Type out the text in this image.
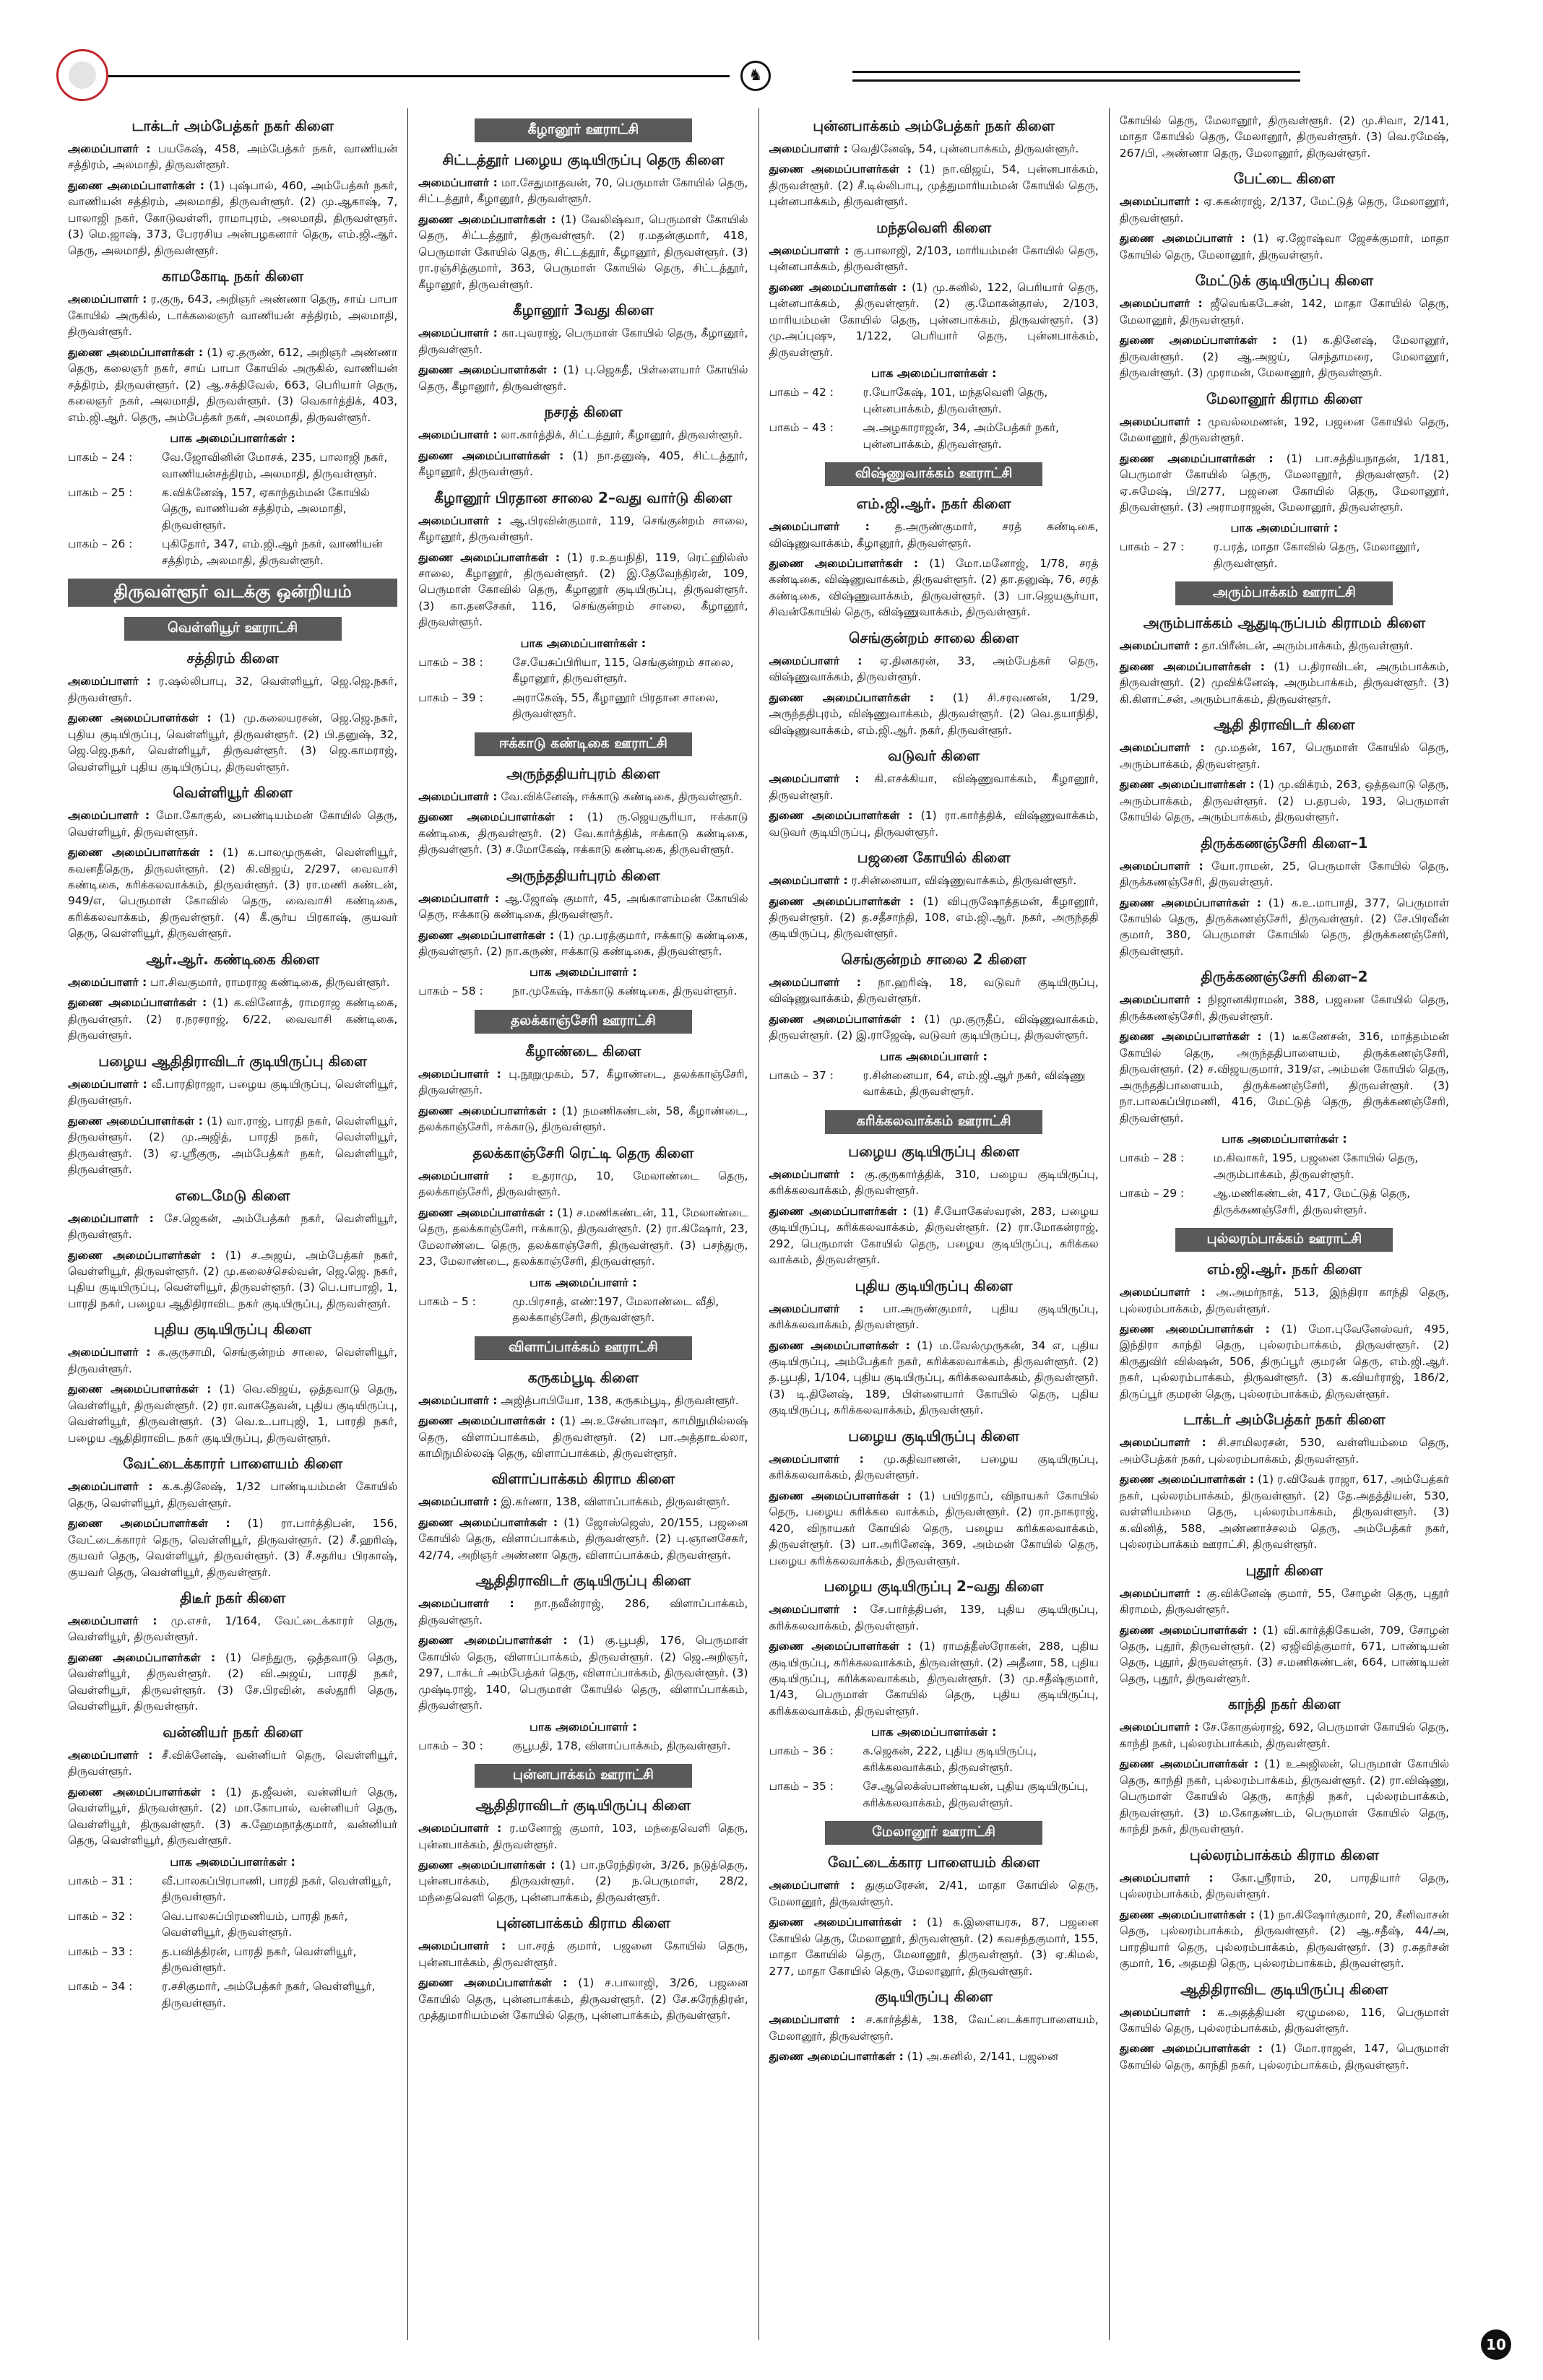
♞
டாக்டர் அம்பேத்கர் நகர் கிளை
அமைப்பாளர் : பயகேஷ், 458, அம்பேத்கர் நகர், வாணியன் சத்திரம், அலமாதி, திருவள்ளூர்.
துணை அமைப்பாளர்கள் : (1) புஷ்பால், 460, அம்பேத்கர் நகர், வாணியன் சத்திரம், அலமாதி, திருவள்ளூர். (2) மு.ஆகாஷ், 7, பாலாஜி நகர், கோடுவள்ளி, ராமாபுரம், அலமாதி, திருவள்ளூர். (3) மெ.ஜாஷ், 373, பேரரசிய அன்பழகனார் தெரு, எம்.ஜி.ஆர். தெரு, அலமாதி, திருவள்ளூர்.
காமகோடி நகர் கிளை
அமைப்பாளர் : ர.குரு, 643, அறிஞர் அண்ணா தெரு, சாய் பாபா கோயில் அருகில், டாக்கலைஞர் வாணியன் சத்திரம், அலமாதி, திருவள்ளூர்.
துணை அமைப்பாளர்கள் : (1) ஏ.தருண், 612, அறிஞர் அண்ணா தெரு, கலைஞர் நகர், சாய் பாபா கோயில் அருகில், வாணியன் சத்திரம், திருவள்ளூர். (2) ஆ.சக்திவேல், 663, பெரியார் தெரு, கலைஞர் நகர், அலமாதி, திருவள்ளூர். (3) வெகார்த்திக், 403, எம்.ஜி.ஆர். தெரு, அம்பேத்கர் நகர், அலமாதி, திருவள்ளூர்.
பாக அமைப்பாளர்கள் :
பாகம் – 24 :	வே.ஜோவினின் மோசக், 235, பாலாஜி நகர், வாணியன்சத்திரம், அலமாதி, திருவள்ளூர்.
பாகம் – 25 :	க.விக்னேஷ், 157, ஏகாந்தம்மன் கோயில் தெரு, வாணியன் சத்திரம், அலமாதி, திருவள்ளூர்.
பாகம் – 26 :	புகிதோர், 347, எம்.ஜி.ஆர் நகர், வாணியன் சத்திரம், அலமாதி, திருவள்ளூர்.
திருவள்ளூர் வடக்கு ஒன்றியம்
வெள்ளியூர் ஊராட்சி
சத்திரம் கிளை
அமைப்பாளர் : ர.ஷல்லிபாபு, 32, வெள்ளியூர், ஜெ.ஜெ.நகர், திருவள்ளூர்.
துணை அமைப்பாளர்கள் : (1) மு.கலையரசன், ஜெ.ஜெ.நகர், புதிய குடியிருப்பு, வெள்ளியூர், திருவள்ளூர். (2) பி.தனுஷ், 32, ஜெ.ஜெ.நகர், வெள்ளியூர், திருவள்ளூர். (3) ஜெ.காமராஜ், வெள்ளியூர் புதிய குடியிருப்பு, திருவள்ளூர்.
வெள்ளியூர் கிளை
அமைப்பாளர் : மோ.கோகுல், பைண்டியம்மன் கோயில் தெரு, வெள்ளியூர், திருவள்ளூர்.
துணை அமைப்பாளர்கள் : (1) க.பாலமுருகன், வெள்ளியூர், கவனதீதெரு, திருவள்ளூர். (2) கி.விஜய், 2/297, வைவாசி கண்டிகை, கரிக்கலவாக்கம், திருவள்ளூர். (3) ரா.மணி கண்டன், 949/எ, பெருமாள் கோவில் தெரு, வைவாசி கண்டிகை, கரிக்கலவாக்கம், திருவள்ளூர். (4) கீ.சூர்ய பிரகாஷ், குயவர் தெரு, வெள்ளியூர், திருவள்ளூர்.
ஆர்.ஆர். கண்டிகை கிளை
அமைப்பாளர் : பா.சிவகுமார், ராமராஜ கண்டிகை, திருவள்ளூர்.
துணை அமைப்பாளர்கள் : (1) க.வினோத், ராமராஜ கண்டிகை, திருவள்ளூர். (2) ர.நரசராஜ், 6/22, வைவாசி கண்டிகை, திருவள்ளூர்.
பழைய ஆதிதிராவிடர் குடியிருப்பு கிளை
அமைப்பாளர் : வீ.பாரதிராஜா, பழைய குடியிருப்பு, வெள்ளியூர், திருவள்ளூர்.
துணை அமைப்பாளர்கள் : (1) வா.ராஜ், பாரதி நகர், வெள்ளியூர், திருவள்ளூர். (2) மு.அஜித், பாரதி நகர், வெள்ளியூர், திருவள்ளூர். (3) ஏ.ஸ்ரீகுரு, அம்பேத்கர் நகர், வெள்ளியூர், திருவள்ளூர்.
எடைமேடு கிளை
அமைப்பாளர் : சே.ஜெகன், அம்பேத்கர் நகர், வெள்ளியூர், திருவள்ளூர்.
துணை அமைப்பாளர்கள் : (1) ச.அஜய், அம்பேத்கர் நகர், வெள்ளியூர், திருவள்ளூர். (2) மு.கலைச்செல்வன், ஜெ.ஜெ. நகர், புதிய குடியிருப்பு, வெள்ளியூர், திருவள்ளூர். (3) பெ.பாபாஜி, 1, பாரதி நகர், பழைய ஆதிதிராவிட நகர் குடியிருப்பு, திருவள்ளூர்.
புதிய குடியிருப்பு கிளை
அமைப்பாளர் : க.குருசாமி, செங்குன்றம் சாலை, வெள்ளியூர், திருவள்ளூர்.
துணை அமைப்பாளர்கள் : (1) வெ.விஜய், ஒத்தவாடு தெரு, வெள்ளியூர், திருவள்ளூர். (2) ரா.வாசுதேவன், புதிய குடியிருப்பு, வெள்ளியூர், திருவள்ளூர். (3) வெ.உ.பாபுஜி, 1, பாரதி நகர், பழைய ஆதிதிராவிட நகர் குடியிருப்பு, திருவள்ளூர்.
வேட்டைக்காரர் பாளையம் கிளை
அமைப்பாளர் : க.க.திலேஷ், 1/32 பாண்டியம்மன் கோயில் தெரு, வெள்ளியூர், திருவள்ளூர்.
துணை அமைப்பாளர்கள் : (1) ரா.பார்த்திபன், 156, வேட்டைக்காரர் தெரு, வெள்ளியூர், திருவள்ளூர். (2) சீ.ஹரிஷ், குயவர் தெரு, வெள்ளியூர், திருவள்ளூர். (3) சீ.சதரிய பிரகாஷ், குயவர் தெரு, வெள்ளியூர், திருவள்ளூர்.
திடீர் நகர் கிளை
அமைப்பாளர் : மு.எசர், 1/164, வேட்டைக்காரர் தெரு, வெள்ளியூர், திருவள்ளூர்.
துணை அமைப்பாளர்கள் : (1) செந்துரு, ஒத்தவாடு தெரு, வெள்ளியூர், திருவள்ளூர். (2) வி.அஜய், பாரதி நகர், வெள்ளியூர், திருவள்ளூர். (3) சே.பிரவின், கஸ்தூரி தெரு, வெள்ளியூர், திருவள்ளூர்.
வன்னியர் நகர் கிளை
அமைப்பாளர் : சீ.விக்னேஷ், வன்னியர் தெரு, வெள்ளியூர், திருவள்ளூர்.
துணை அமைப்பாளர்கள் : (1) த.ஜீவன், வன்னியர் தெரு, வெள்ளியூர், திருவள்ளூர். (2) மா.கோபால், வன்னியர் தெரு, வெள்ளியூர், திருவள்ளூர். (3) சு.ஹேமநாத்குமார், வன்னியர் தெரு, வெள்ளியூர், திருவள்ளூர்.
பாக அமைப்பாளர்கள் :
பாகம் – 31 :	வீ.பாலகப்பிரபாணி, பாரதி நகர், வெள்ளியூர், திருவள்ளூர்.
பாகம் – 32 :	வெ.பாலசுப்பிரமணியம், பாரதி நகர், வெள்ளியூர், திருவள்ளூர்.
பாகம் – 33 :	த.பவித்திரன், பாரதி நகர், வெள்ளியூர், திருவள்ளூர்.
பாகம் – 34 :	ர.சசிகுமார், அம்பேத்கர் நகர், வெள்ளியூர், திருவள்ளூர்.
கீழானூர் ஊராட்சி
சிட்டத்தூர் பழைய குடியிருப்பு தெரு கிளை
அமைப்பாளர் : மா.சேதுமாதவன், 70, பெருமாள் கோயில் தெரு, சிட்டத்தூர், கீழானூர், திருவள்ளூர்.
துணை அமைப்பாளர்கள் : (1) வேலிஷ்வா, பெருமாள் கோயில் தெரு, சிட்டத்தூர், திருவள்ளூர். (2) ர.மதன்குமார், 418, பெருமாள் கோயில் தெரு, சிட்டத்தூர், கீழானூர், திருவள்ளூர். (3) ரா.ரஞ்சித்குமார், 363, பெருமாள் கோயில் தெரு, சிட்டத்தூர், கீழானூர், திருவள்ளூர்.
கீழானூர் 3வது கிளை
அமைப்பாளர் : கா.புவராஜ், பெருமாள் கோயில் தெரு, கீழானூர், திருவள்ளூர்.
துணை அமைப்பாளர்கள் : (1) பு.ஜெகதீ, பிள்ளையார் கோயில் தெரு, கீழானூர், திருவள்ளூர்.
நசரத் கிளை
அமைப்பாளர் : லா.கார்த்திக், சிட்டத்தூர், கீழானூர், திருவள்ளூர்.
துணை அமைப்பாளர்கள் : (1) நா.தனுஷ், 405, சிட்டத்தூர், கீழானூர், திருவள்ளூர்.
கீழானூர் பிரதான சாலை 2–வது வார்டு கிளை
அமைப்பாளர் : ஆ.பிரவின்குமார், 119, செங்குன்றம் சாலை, கீழானூர், திருவள்ளூர்.
துணை அமைப்பாளர்கள் : (1) ர.உதயநிதி, 119, ரெட்ஹில்ஸ் சாலை, கீழானூர், திருவள்ளூர். (2) இ.தேவேந்திரன், 109, பெருமாள் கோவில் தெரு, கீழானூர் குடியிருப்பு, திருவள்ளூர். (3) கா.தனசேகர், 116, செங்குன்றம் சாலை, கீழானூர், திருவள்ளூர்.
பாக அமைப்பாளர்கள் :
பாகம் – 38 :	சே.யேசுப்பிரியா, 115, செங்குன்றம் சாலை, கீழானூர், திருவள்ளூர்.
பாகம் – 39 :	அராகேஷ், 55, கீழானூர் பிரதான சாலை, திருவள்ளூர்.
ஈக்காடு கண்டிகை ஊராட்சி
அருந்ததியர்புரம் கிளை
அமைப்பாளர் : வே.விக்னேஷ், ஈக்காடு கண்டிகை, திருவள்ளூர்.
துணை அமைப்பாளர்கள் : (1) ரு.ஜெயசூரியா, ஈக்காடு கண்டிகை, திருவள்ளூர். (2) வே.கார்த்திக், ஈக்காடு கண்டிகை, திருவள்ளூர். (3) ச.மோகேஷ், ஈக்காடு கண்டிகை, திருவள்ளூர்.
அருந்ததியர்புரம் கிளை
அமைப்பாளர் : ஆ.ஜோஷ் குமார், 45, அங்காளம்மன் கோயில் தெரு, ஈக்காடு கண்டிகை, திருவள்ளூர்.
துணை அமைப்பாளர்கள் : (1) மு.பரத்குமார், ஈக்காடு கண்டிகை, திருவள்ளூர். (2) நா.கருண், ஈக்காடு கண்டிகை, திருவள்ளூர்.
பாக அமைப்பாளர் :
பாகம் – 58 :	நா.முகேஷ், ஈக்காடு கண்டிகை, திருவள்ளூர்.
தலக்காஞ்சேரி ஊராட்சி
கீழாண்டை கிளை
அமைப்பாளர் : பு.நூறுமுகம், 57, கீழாண்டை, தலக்காஞ்சேரி, திருவள்ளூர்.
துணை அமைப்பாளர்கள் : (1) நமணிகண்டன், 58, கீழாண்டை, தலக்காஞ்சேரி, ஈக்காடு, திருவள்ளூர்.
தலக்காஞ்சேரி ரெட்டி தெரு கிளை
அமைப்பாளர் : உதராமு, 10, மேலாண்டை தெரு, தலக்காஞ்சேரி, திருவள்ளூர்.
துணை அமைப்பாளர்கள் : (1) ச.மணிகண்டன், 11, மேலாண்டை தெரு, தலக்காஞ்சேரி, ஈக்காடு, திருவள்ளூர். (2) ரா.கிஷோர், 23, மேலாண்டை தெரு, தலக்காஞ்சேரி, திருவள்ளூர். (3) பசந்துரு, 23, மேலாண்டை, தலக்காஞ்சேரி, திருவள்ளூர்.
பாக அமைப்பாளர் :
பாகம் – 5 :	மு.பிரசாத், எண்:197, மேலாண்டை வீதி, தலக்காஞ்சேரி, திருவள்ளூர்.
விளாப்பாக்கம் ஊராட்சி
கருகம்பூடி கிளை
அமைப்பாளர் : அஜித்பாபியோ, 138, கருகம்பூடி, திருவள்ளூர்.
துணை அமைப்பாளர்கள் : (1) அ.உசேன்பாஷா, காமிநுமில்லஷ் தெரு, விளாப்பாக்கம், திருவள்ளூர். (2) பா.அத்தாஉல்லா, காமிநுமில்லஷ் தெரு, விளாப்பாக்கம், திருவள்ளூர்.
விளாப்பாக்கம் கிராம கிளை
அமைப்பாளர் : இ.கர்ணா, 138, விளாப்பாக்கம், திருவள்ளூர்.
துணை அமைப்பாளர்கள் : (1) ஜோஸ்ஜெஸ், 20/155, பஜனை கோயில் தெரு, விளாப்பாக்கம், திருவள்ளூர். (2) பு.ஞானசேகர், 42/74, அறிஞர் அண்ணா தெரு, விளாப்பாக்கம், திருவள்ளூர்.
ஆதிதிராவிடர் குடியிருப்பு கிளை
அமைப்பாளர் : நா.நவீன்ராஜ், 286, விளாப்பாக்கம், திருவள்ளூர்.
துணை அமைப்பாளர்கள் : (1) கு.பூபதி, 176, பெருமாள் கோயில் தெரு, விளாப்பாக்கம், திருவள்ளூர். (2) ஜெ.அறிஞர், 297, டாக்டர் அம்பேத்கர் தெரு, விளாப்பாக்கம், திருவள்ளூர். (3) முஷ்டிராஜ், 140, பெருமாள் கோயில் தெரு, விளாப்பாக்கம், திருவள்ளூர்.
பாக அமைப்பாளர் :
பாகம் – 30 :	குபூபதி, 178, விளாப்பாக்கம், திருவள்ளூர்.
புன்னபாக்கம் ஊராட்சி
ஆதிதிராவிடர் குடியிருப்பு கிளை
அமைப்பாளர் : ர.மனோஜ் குமார், 103, மந்தைவெளி தெரு, புன்னபாக்கம், திருவள்ளூர்.
துணை அமைப்பாளர்கள் : (1) பா.நரேந்திரன், 3/26, நடுத்தெரு, புன்னபாக்கம், திருவள்ளூர். (2) ந.பெருமாள், 28/2, மந்தைவெளி தெரு, புன்னபாக்கம், திருவள்ளூர்.
புன்னபாக்கம் கிராம கிளை
அமைப்பாளர் : பா.சரத் குமார், பஜனை கோயில் தெரு, புன்னபாக்கம், திருவள்ளூர்.
துணை அமைப்பாளர்கள் : (1) ச.பாலாஜி, 3/26, பஜனை கோயில் தெரு, புன்னபாக்கம், திருவள்ளூர். (2) சே.சுரேந்திரன், முத்துமாரியம்மன் கோயில் தெரு, புன்னபாக்கம், திருவள்ளூர்.
புன்னபாக்கம் அம்பேத்கர் நகர் கிளை
அமைப்பாளர் : வெதினேஷ், 54, புன்னபாக்கம், திருவள்ளூர்.
துணை அமைப்பாளர்கள் : (1) நா.விஜய், 54, புன்னபாக்கம், திருவள்ளூர். (2) சீ.டில்லிபாபு, முத்துமாரியம்மன் கோயில் தெரு, புன்னபாக்கம், திருவள்ளூர்.
மந்தவெளி கிளை
அமைப்பாளர் : கு.பாலாஜி, 2/103, மாரியம்மன் கோயில் தெரு, புன்னபாக்கம், திருவள்ளூர்.
துணை அமைப்பாளர்கள் : (1) மு.சுனில், 122, பெரியார் தெரு, புன்னபாக்கம், திருவள்ளூர். (2) கு.மோகன்தாஸ், 2/103, மாரியம்மன் கோயில் தெரு, புன்னபாக்கம், திருவள்ளூர். (3) மு.அப்புஷு, 1/122, பெரியார் தெரு, புன்னபாக்கம், திருவள்ளூர்.
பாக அமைப்பாளர்கள் :
பாகம் – 42 :	ர.யோகேஷ், 101, மந்தவெளி தெரு, புன்னபாக்கம், திருவள்ளூர்.
பாகம் – 43 :	அ.அழகாராஜன், 34, அம்பேத்கர் நகர், புன்னபாக்கம், திருவள்ளூர்.
விஷ்ணுவாக்கம் ஊராட்சி
எம்.ஜி.ஆர். நகர் கிளை
அமைப்பாளர் : த.அருண்குமார், சரத் கண்டிகை, விஷ்ணுவாக்கம், கீழானூர், திருவள்ளூர்.
துணை அமைப்பாளர்கள் : (1) மோ.மனோஜ், 1/78, சரத் கண்டிகை, விஷ்ணுவாக்கம், திருவள்ளூர். (2) தா.தனுஷ், 76, சரத் கண்டிகை, விஷ்ணுவாக்கம், திருவள்ளூர். (3) பா.ஜெயசூர்யா, சிவன்கோயில் தெரு, விஷ்ணுவாக்கம், திருவள்ளூர்.
செங்குன்றம் சாலை கிளை
அமைப்பாளர் : ஏ.தினகரன், 33, அம்பேத்கர் தெரு, விஷ்ணுவாக்கம், திருவள்ளூர்.
துணை அமைப்பாளர்கள் : (1) சி.சரவணன், 1/29, அருந்ததிபுரம், விஷ்ணுவாக்கம், திருவள்ளூர். (2) வெ.தயாநிதி, விஷ்ணுவாக்கம், எம்.ஜி.ஆர். நகர், திருவள்ளூர்.
வடுவர் கிளை
அமைப்பாளர் : கி.எசக்கியா, விஷ்ணுவாக்கம், கீழானூர், திருவள்ளூர்.
துணை அமைப்பாளர்கள் : (1) ரா.கார்த்திக், விஷ்ணுவாக்கம், வடுவர் குடியிருப்பு, திருவள்ளூர்.
பஜனை கோயில் கிளை
அமைப்பாளர் : ர.சின்னையா, விஷ்ணுவாக்கம், திருவள்ளூர்.
துணை அமைப்பாளர்கள் : (1) விபுருஷோத்தமன், கீழானூர், திருவள்ளூர். (2) த.சதீசாந்தி, 108, எம்.ஜி.ஆர். நகர், அருந்ததி குடியிருப்பு, திருவள்ளூர்.
செங்குன்றம் சாலை 2 கிளை
அமைப்பாளர் : நா.ஹரிஷ், 18, வடுவர் குடியிருப்பு, விஷ்ணுவாக்கம், திருவள்ளூர்.
துணை அமைப்பாளர்கள் : (1) மு.குருதீப், விஷ்ணுவாக்கம், திருவள்ளூர். (2) இ.ராஜேஷ், வடுவர் குடியிருப்பு, திருவள்ளூர்.
பாக அமைப்பாளர் :
பாகம் – 37 :	ர.சின்னையா, 64, எம்.ஜி.ஆர் நகர், விஷ்ணு வாக்கம், திருவள்ளூர்.
கரிக்கலவாக்கம் ஊராட்சி
பழைய குடியிருப்பு கிளை
அமைப்பாளர் : கு.குருகார்த்திக், 310, பழைய குடியிருப்பு, கரிக்கலவாக்கம், திருவள்ளூர்.
துணை அமைப்பாளர்கள் : (1) சீ.யோகேஸ்வரன், 283, பழைய குடியிருப்பு, கரிக்கலவாக்கம், திருவள்ளூர். (2) ரா.மோகன்ராஜ், 292, பெருமாள் கோயில் தெரு, பழைய குடியிருப்பு, கரிக்கல வாக்கம், திருவள்ளூர்.
புதிய குடியிருப்பு கிளை
அமைப்பாளர் : பா.அருண்குமார், புதிய குடியிருப்பு, கரிக்கலவாக்கம், திருவள்ளூர்.
துணை அமைப்பாளர்கள் : (1) ம.வேல்முருகன், 34 எ, புதிய குடியிருப்பு, அம்பேத்கர் நகர், கரிக்கலவாக்கம், திருவள்ளூர். (2) த.பூபதி, 1/104, புதிய குடியிருப்பு, கரிக்கலவாக்கம், திருவள்ளூர். (3) டி.தினேஷ், 189, பிள்ளையார் கோயில் தெரு, புதிய குடியிருப்பு, கரிக்கலவாக்கம், திருவள்ளூர்.
பழைய குடியிருப்பு கிளை
அமைப்பாளர் : மு.கதிவாணன், பழைய குடியிருப்பு, கரிக்கலவாக்கம், திருவள்ளூர்.
துணை அமைப்பாளர்கள் : (1) பயிரதாப், விநாயகர் கோயில் தெரு, பழைய கரிக்கல வாக்கம், திருவள்ளூர். (2) ரா.நாகராஜ், 420, விநாயகர் கோயில் தெரு, பழைய கரிக்கலவாக்கம், திருவள்ளூர். (3) பா.அரினேஷ், 369, அம்மன் கோயில் தெரு, பழைய கரிக்கலவாக்கம், திருவள்ளூர்.
பழைய குடியிருப்பு 2–வது கிளை
அமைப்பாளர் : சே.பார்த்திபன், 139, புதிய குடியிருப்பு, கரிக்கலவாக்கம், திருவள்ளூர்.
துணை அமைப்பாளர்கள் : (1) ராமத்தீஸ்ரோகன், 288, புதிய குடியிருப்பு, கரிக்கலவாக்கம், திருவள்ளூர். (2) அதீனா, 58, புதிய குடியிருப்பு, கரிக்கலவாக்கம், திருவள்ளூர். (3) மு.சதீஷ்குமார், 1/43, பெருமாள் கோயில் தெரு, புதிய குடியிருப்பு, கரிக்கலவாக்கம், திருவள்ளூர்.
பாக அமைப்பாளர்கள் :
பாகம் – 36 :	க.ஜெகன், 222, புதிய குடியிருப்பு, கரிக்கலவாக்கம், திருவள்ளூர்.
பாகம் – 35 :	சே.ஆலெக்ஸ்பாண்டியன், புதிய குடியிருப்பு, கரிக்கலவாக்கம், திருவள்ளூர்.
மேலானூர் ஊராட்சி
வேட்டைக்கார பாளையம் கிளை
அமைப்பாளர் : துகுமரேசன், 2/41, மாதா கோயில் தெரு, மேலானூர், திருவள்ளூர்.
துணை அமைப்பாளர்கள் : (1) க.இளையரசு, 87, பஜனை கோயில் தெரு, மேலானூர், திருவள்ளூர். (2) கவசந்தகுமார், 155, மாதா கோயில் தெரு, மேலானூர், திருவள்ளூர். (3) ஏ.கிமல், 277, மாதா கோயில் தெரு, மேலானூர், திருவள்ளூர்.
குடியிருப்பு கிளை
அமைப்பாளர் : ச.கார்த்திக், 138, வேட்டைக்காரபாளையம், மேலானூர், திருவள்ளூர்.
துணை அமைப்பாளர்கள் : (1) அ.சுனில், 2/141, பஜனை
கோயில் தெரு, மேலானூர், திருவள்ளூர். (2) மு.சிவா, 2/141, மாதா கோயில் தெரு, மேலானூர், திருவள்ளூர். (3) வெ.ரமேஷ், 267/பி, அண்ணா தெரு, மேலானூர், திருவள்ளூர்.
பேட்டை கிளை
அமைப்பாளர் : ஏ.சுகன்ராஜ், 2/137, மேட்டுத் தெரு, மேலானூர், திருவள்ளூர்.
துணை அமைப்பாளர் : (1) ஏ.ஜோஷ்வா ஜேசக்குமார், மாதா கோயில் தெரு, மேலானூர், திருவள்ளூர்.
மேட்டுக் குடியிருப்பு கிளை
அமைப்பாளர் : ஜீவெங்கடேசன், 142, மாதா கோயில் தெரு, மேலானூர், திருவள்ளூர்.
துணை அமைப்பாளர்கள் : (1) க.தினேஷ், மேலானூர், திருவள்ளூர். (2) ஆ.அஜய், செந்தாமரை, மேலானூர், திருவள்ளூர். (3) முராமன், மேலானூர், திருவள்ளூர்.
மேலானூர் கிராம கிளை
அமைப்பாளர் : முவல்லமணன், 192, பஜனை கோயில் தெரு, மேலானூர், திருவள்ளூர்.
துணை அமைப்பாளர்கள் : (1) பா.சத்தியநாதன், 1/181, பெருமாள் கோயில் தெரு, மேலானூர், திருவள்ளூர். (2) ஏ.சுமேஷ், பி/277, பஜனை கோயில் தெரு, மேலானூர், திருவள்ளூர். (3) அராமராஜன், மேலானூர், திருவள்ளூர்.
பாக அமைப்பாளர் :
பாகம் – 27 :	ர.பரத், மாதா கோவில் தெரு, மேலானூர், திருவள்ளூர்.
அரும்பாக்கம் ஊராட்சி
அரும்பாக்கம் ஆதுடிருப்பம் கிராமம் கிளை
அமைப்பாளர் : தா.பிரீன்டன், அரும்பாக்கம், திருவள்ளூர்.
துணை அமைப்பாளர்கள் : (1) ப.திராவிடன், அரும்பாக்கம், திருவள்ளூர். (2) முவிக்னேஷ், அரும்பாக்கம், திருவள்ளூர். (3) கி.கிளாட்சன், அரும்பாக்கம், திருவள்ளூர்.
ஆதி திராவிடர் கிளை
அமைப்பாளர் : மு.மதன், 167, பெருமாள் கோயில் தெரு, அரும்பாக்கம், திருவள்ளூர்.
துணை அமைப்பாளர்கள் : (1) மு.விக்ரம், 263, ஒத்தவாடு தெரு, அரும்பாக்கம், திருவள்ளூர். (2) ப.தரபல், 193, பெருமாள் கோயில் தெரு, அரும்பாக்கம், திருவள்ளூர்.
திருக்கணஞ்சேரி கிளை–1
அமைப்பாளர் : யோ.ராமன், 25, பெருமாள் கோயில் தெரு, திருக்கணஞ்சேரி, திருவள்ளூர்.
துணை அமைப்பாளர்கள் : (1) க.உ.மாபாதி, 377, பெருமாள் கோயில் தெரு, திருக்கணஞ்சேரி, திருவள்ளூர். (2) சே.பிரவீன் குமார், 380, பெருமாள் கோயில் தெரு, திருக்கணஞ்சேரி, திருவள்ளூர்.
திருக்கணஞ்சேரி கிளை–2
அமைப்பாளர் : நிஜானகிராமன், 388, பஜனை கோயில் தெரு, திருக்கணஞ்சேரி, திருவள்ளூர்.
துணை அமைப்பாளர்கள் : (1) டீகணேசன், 316, மாத்தம்மன் கோயில் தெரு, அருந்ததிபாளையம், திருக்கணஞ்சேரி, திருவள்ளூர். (2) ச.விஜயகுமார், 319/எ, அம்மன் கோயில் தெரு, அருந்ததிபாளையம், திருக்கணஞ்சேரி, திருவள்ளூர். (3) நா.பாலகப்பிரமணி, 416, மேட்டுத் தெரு, திருக்கணஞ்சேரி, திருவள்ளூர்.
பாக அமைப்பாளர்கள் :
பாகம் – 28 :	ம.கிவாகர், 195, பஜனை கோயில் தெரு, அரும்பாக்கம், திருவள்ளூர்.
பாகம் – 29 :	ஆ.மணிகண்டன், 417, மேட்டுத் தெரு, திருக்கணஞ்சேரி, திருவள்ளூர்.
புல்லரம்பாக்கம் ஊராட்சி
எம்.ஜி.ஆர். நகர் கிளை
அமைப்பாளர் : அ.அமர்நாத், 513, இந்திரா காந்தி தெரு, புல்லரம்பாக்கம், திருவள்ளூர்.
துணை அமைப்பாளர்கள் : (1) மோ.புவேனேஸ்வர், 495, இந்திரா காந்தி தெரு, புல்லரம்பாக்கம், திருவள்ளூர். (2) கிருதுவிர் வில்ஷன், 506, திருப்பூர் குமரன் தெரு, எம்.ஜி.ஆர். நகர், புல்லரம்பாக்கம், திருவள்ளூர். (3) க.வியர்ராஜ், 186/2, திருப்பூர் குமரன் தெரு, புல்லரம்பாக்கம், திருவள்ளூர்.
டாக்டர் அம்பேத்கர் நகர் கிளை
அமைப்பாளர் : சி.சாமிலரசன், 530, வள்ளியம்மை தெரு, அம்பேத்கர் நகர், புல்லரம்பாக்கம், திருவள்ளூர்.
துணை அமைப்பாளர்கள் : (1) ர.விவேக் ராஜா, 617, அம்பேத்கர் நகர், புல்லரம்பாக்கம், திருவள்ளூர். (2) தே.அதத்தியன், 530, வள்ளியம்மை தெரு, புல்லரம்பாக்கம், திருவள்ளூர். (3) க.வினித், 588, அண்ணாச்சலம் தெரு, அம்பேத்கர் நகர், புல்லரம்பாக்கம் ஊராட்சி, திருவள்ளூர்.
புதூர் கிளை
அமைப்பாளர் : கு.விக்னேஷ் குமார், 55, சோழன் தெரு, புதூர் கிராமம், திருவள்ளூர்.
துணை அமைப்பாளர்கள் : (1) வி.கார்த்திகேயன், 709, சோழன் தெரு, புதூர், திருவள்ளூர். (2) ஏஜிவித்குமார், 671, பாண்டியன் தெரு, புதூர், திருவள்ளூர். (3) ச.மணிகண்டன், 664, பாண்டியன் தெரு, புதூர், திருவள்ளூர்.
காந்தி நகர் கிளை
அமைப்பாளர் : சே.கோகுல்ராஜ், 692, பெருமாள் கோயில் தெரு, காந்தி நகர், புல்லரம்பாக்கம், திருவள்ளூர்.
துணை அமைப்பாளர்கள் : (1) உஅஜிலன், பெருமாள் கோயில் தெரு, காந்தி நகர், புல்லரம்பாக்கம், திருவள்ளூர். (2) ரா.விஷ்ணு, பெருமாள் கோயில் தெரு, காந்தி நகர், புல்லரம்பாக்கம், திருவள்ளூர். (3) ம.கோதண்டம், பெருமாள் கோயில் தெரு, காந்தி நகர், திருவள்ளூர்.
புல்லரம்பாக்கம் கிராம கிளை
அமைப்பாளர் : கோ.ஸ்ரீராம், 20, பாரதியார் தெரு, புல்லரம்பாக்கம், திருவள்ளூர்.
துணை அமைப்பாளர்கள் : (1) நா.கிஷோர்குமார், 20, சீனிவாசன் தெரு, புல்லரம்பாக்கம், திருவள்ளூர். (2) ஆ.சதீஷ், 44/அ, பாரதியார் தெரு, புல்லரம்பாக்கம், திருவள்ளூர். (3) ர.சுதர்சன் குமார், 16, அதமதி தெரு, புல்லரம்பாக்கம், திருவள்ளூர்.
ஆதிதிராவிட குடியிருப்பு கிளை
அமைப்பாளர் : க.அதத்தியன் ஏழுமலை, 116, பெருமாள் கோயில் தெரு, புல்லரம்பாக்கம், திருவள்ளூர்.
துணை அமைப்பாளர்கள் : (1) மோ.ராஜன், 147, பெருமாள் கோயில் தெரு, காந்தி நகர், புல்லரம்பாக்கம், திருவள்ளூர்.
10
